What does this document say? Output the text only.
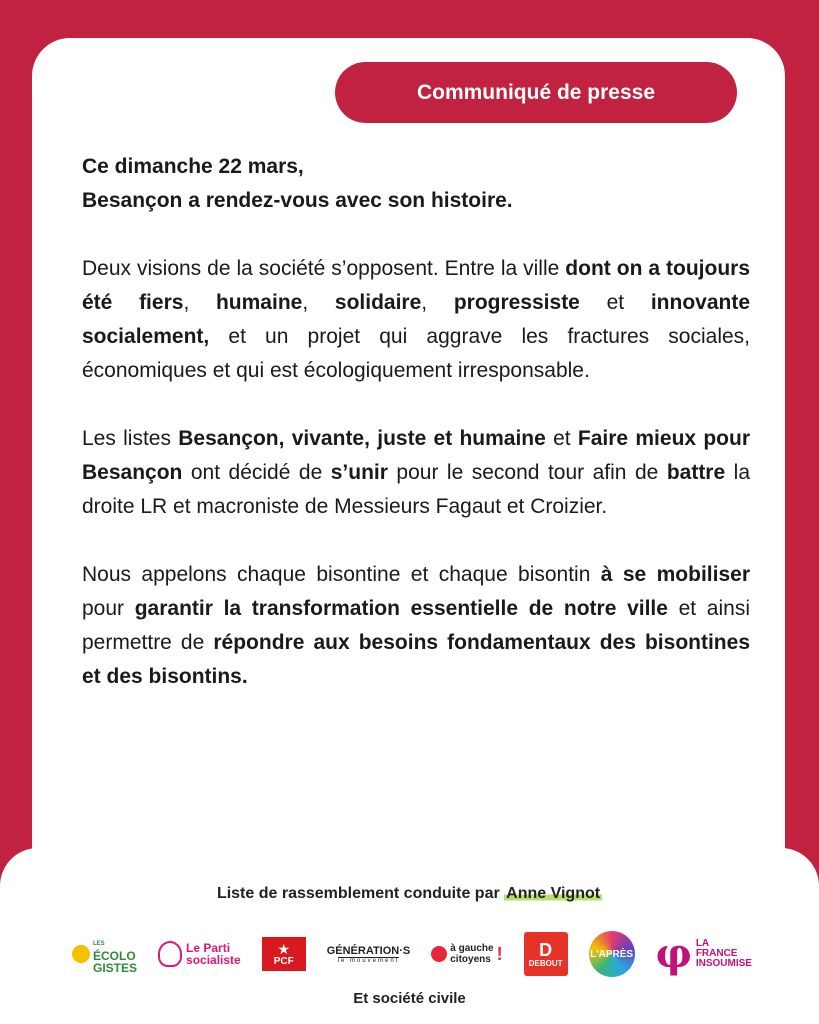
Communiqué de presse

Ce dimanche 22 mars,
Besançon a rendez-vous avec son histoire.

Deux visions de la société s’opposent. Entre la ville dont on a toujours été fiers, humaine, solidaire, progressiste et innovante socialement, et un projet qui aggrave les fractures sociales, économiques et qui est écologiquement irresponsable.

Les listes Besançon, vivante, juste et humaine et Faire mieux pour Besançon ont décidé de s’unir pour le second tour afin de battre la droite LR et macroniste de Messieurs Fagaut et Croizier.

Nous appelons chaque bisontine et chaque bisontin à se mobiliser pour garantir la transformation essentielle de notre ville et ainsi permettre de répondre aux besoins fondamentaux des bisontines et des bisontins.

Liste de rassemblement conduite par Anne Vignot
LES
ÉCOLO
GISTES
Le Parti
socialiste
★
PCF
GÉNÉRATION·S
le mouvement
à gauche
citoyens ! D
DEBOUT
L'APRÈS φ LA
FRANCE
INSOUMISE
Et société civile
